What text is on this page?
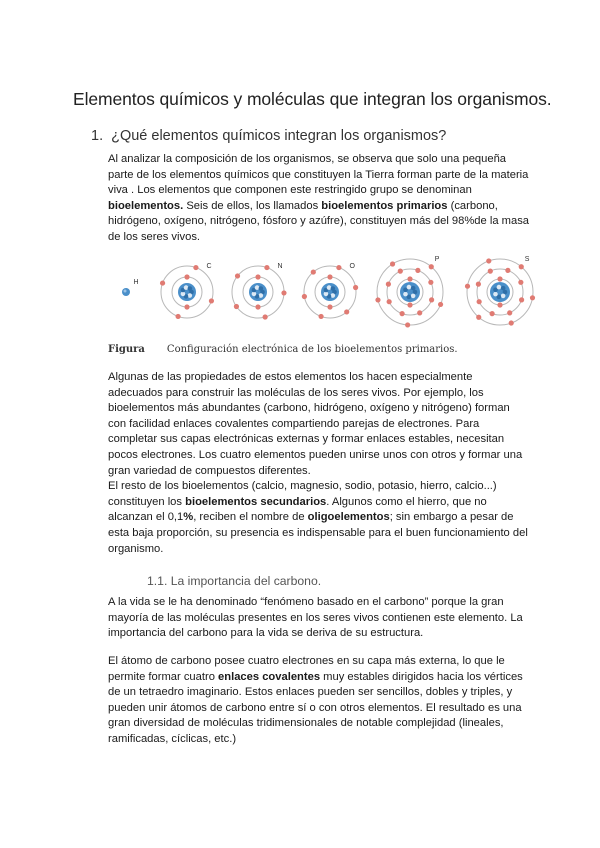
Elementos químicos y moléculas que integran los organismos.
1. ¿Qué elementos químicos integran los organismos?
Al analizar la composición de los organismos, se observa que solo una pequeña parte de los elementos químicos que constituyen la Tierra forman parte de la materia viva . Los elementos que componen este restringido grupo se denominan bioelementos. Seis de ellos, los llamados bioelementos primarios (carbono, hidrógeno, oxígeno, nitrógeno, fósforo y azúfre), constituyen más del 98%de la masa de los seres vivos.
H
C	N	O
P	S
Figura Configuración electrónica de los bioelementos primarios.
Algunas de las propiedades de estos elementos los hacen especialmente adecuados para construir las moléculas de los seres vivos. Por ejemplo, los bioelementos más abundantes (carbono, hidrógeno, oxígeno y nitrógeno) forman con facilidad enlaces covalentes compartiendo parejas de electrones. Para completar sus capas electrónicas externas y formar enlaces estables, necesitan pocos electrones. Los cuatro elementos pueden unirse unos con otros y formar una gran variedad de compuestos diferentes.
El resto de los bioelementos (calcio, magnesio, sodio, potasio, hierro, calcio...) constituyen los bioelementos secundarios. Algunos como el hierro, que no alcanzan el 0,1%, reciben el nombre de oligoelementos; sin embargo a pesar de esta baja proporción, su presencia es indispensable para el buen funcionamiento del organismo.
1.1. La importancia del carbono.
A la vida se le ha denominado “fenómeno basado en el carbono” porque la gran mayoría de las moléculas presentes en los seres vivos contienen este elemento. La importancia del carbono para la vida se deriva de su estructura.
El átomo de carbono posee cuatro electrones en su capa más externa, lo que le permite formar cuatro enlaces covalentes muy estables dirigidos hacia los vértices de un tetraedro imaginario. Estos enlaces pueden ser sencillos, dobles y triples, y pueden unir átomos de carbono entre sí o con otros elementos. El resultado es una gran diversidad de moléculas tridimensionales de notable complejidad (lineales, ramificadas, cíclicas, etc.)
